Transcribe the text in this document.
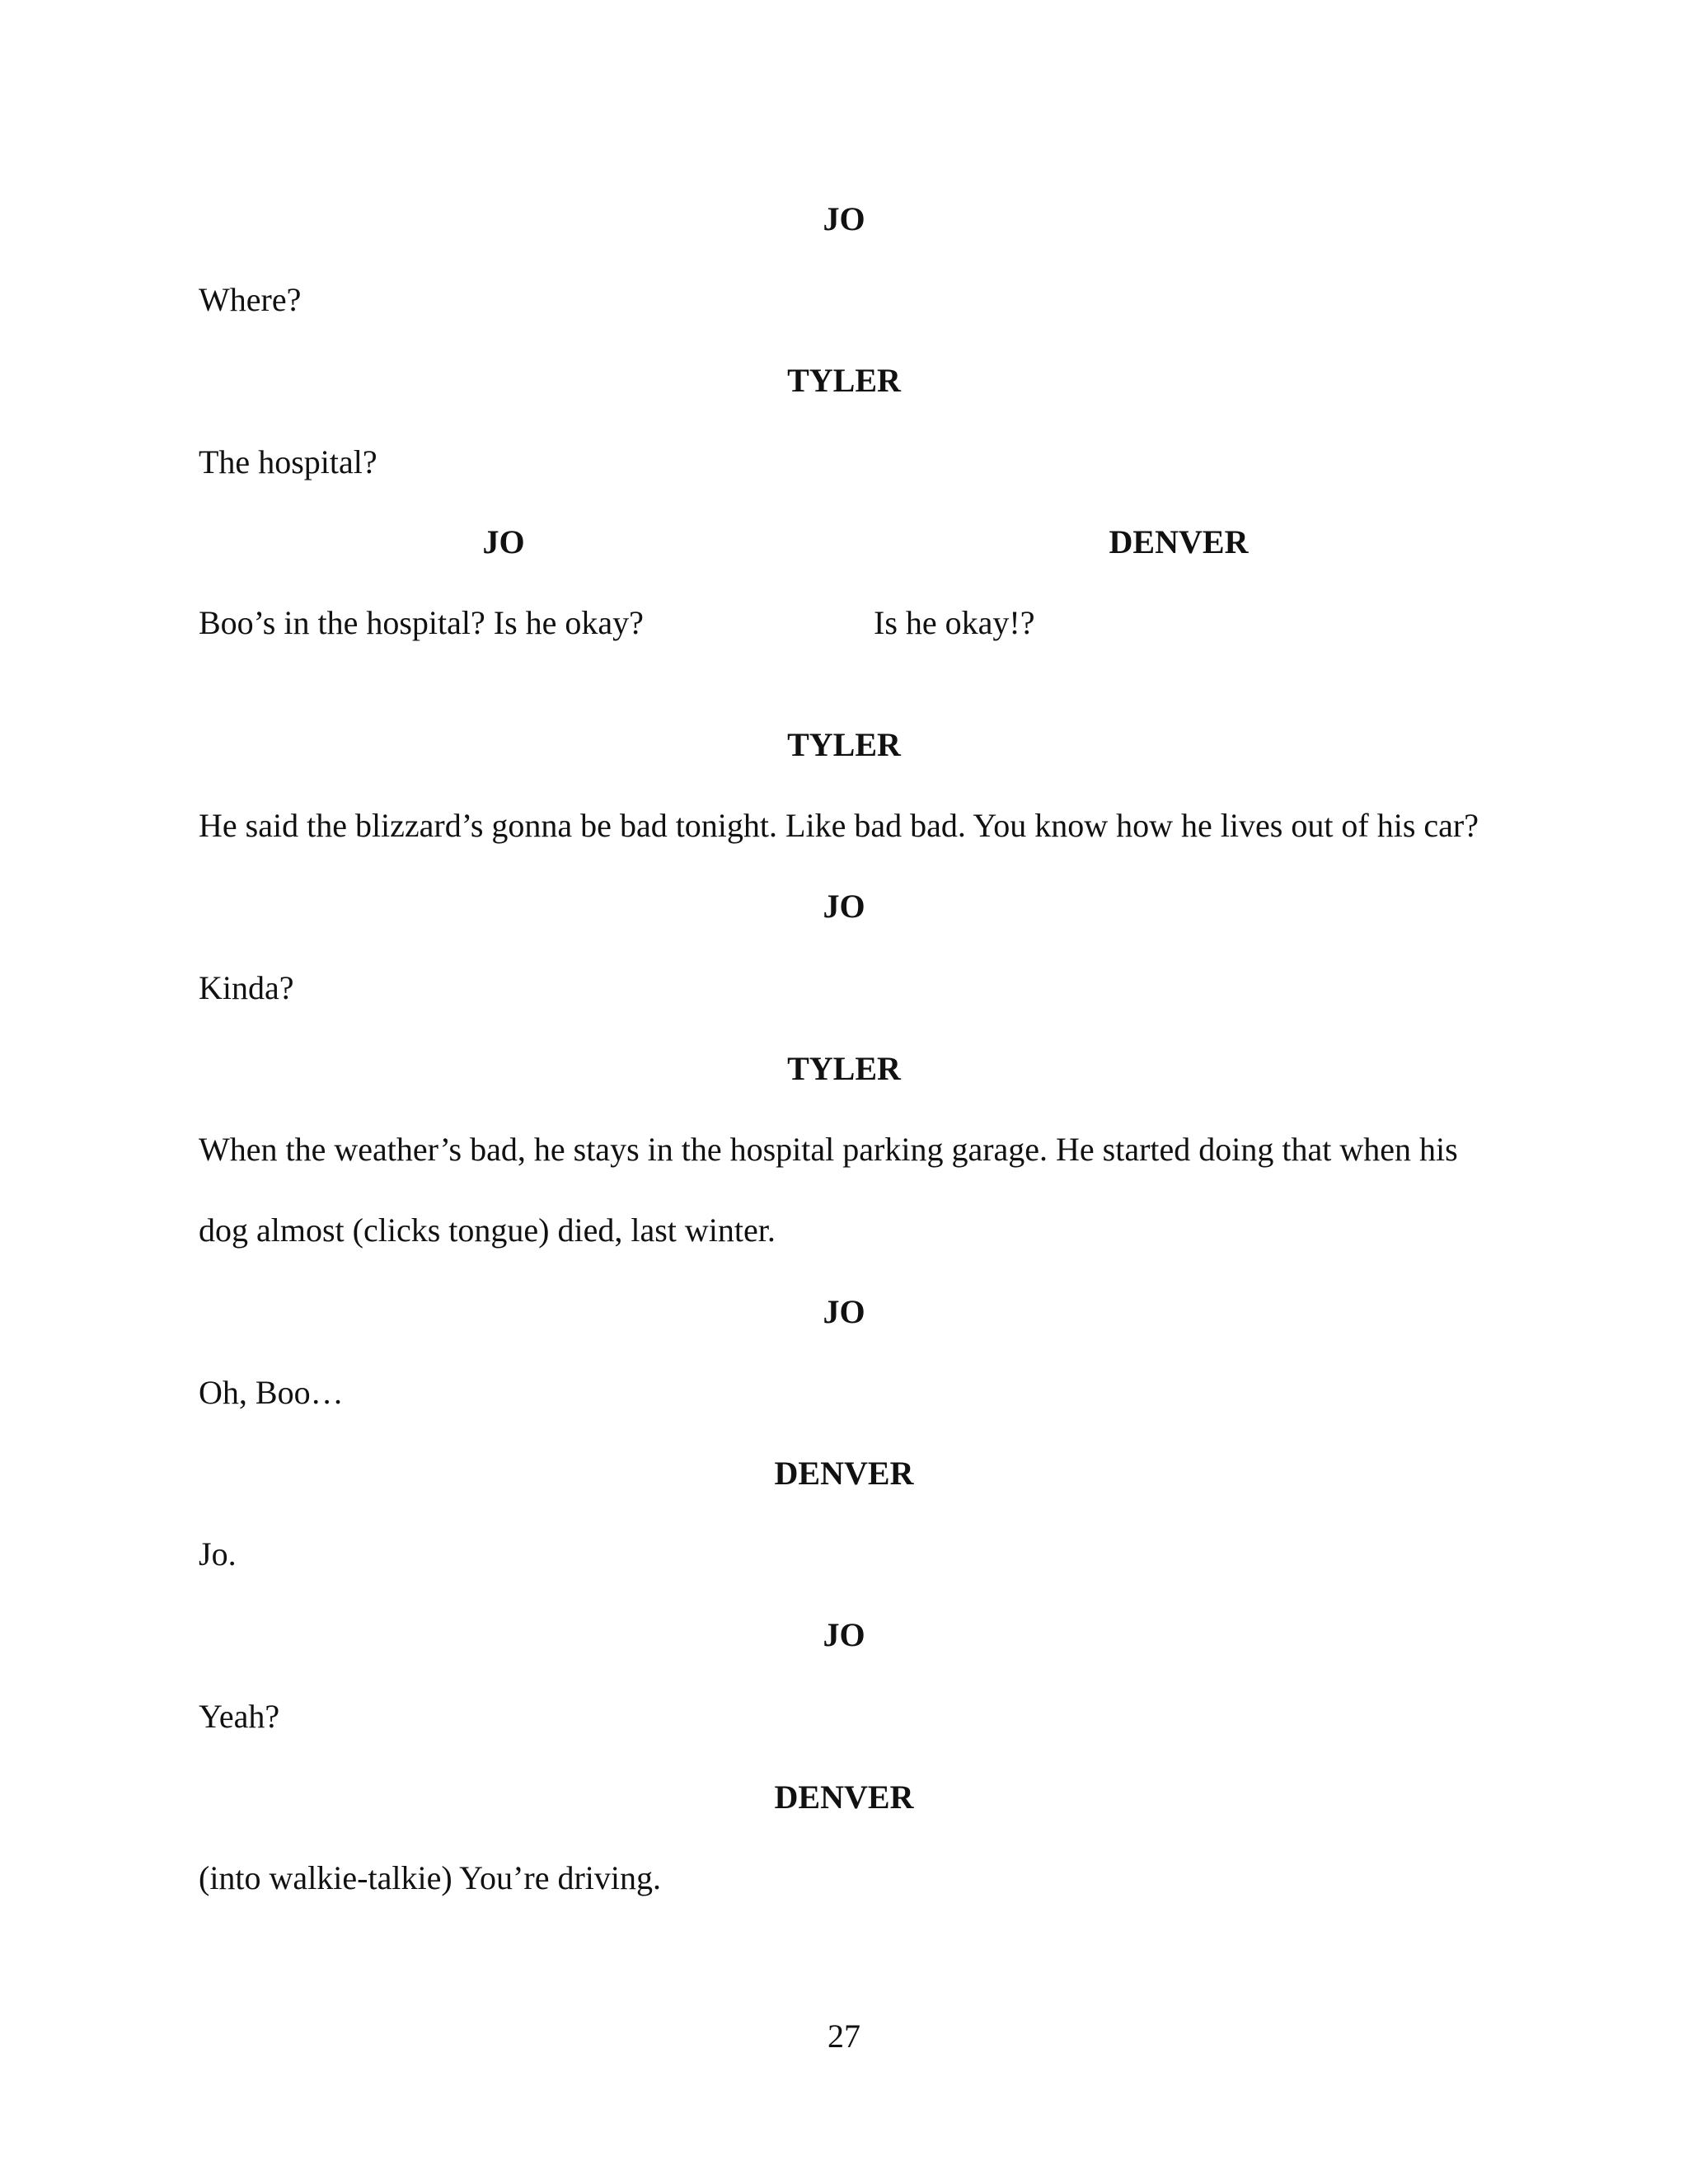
JO
Where?
TYLER
The hospital?
JO	DENVER
Boo’s in the hospital? Is he okay?	Is he okay!?
TYLER
He said the blizzard’s gonna be bad tonight. Like bad bad. You know how he lives out of his car?
JO
Kinda?
TYLER
When the weather’s bad, he stays in the hospital parking garage. He started doing that when his
dog almost (clicks tongue) died, last winter.
JO
Oh, Boo…
DENVER
Jo.
JO
Yeah?
DENVER
(into walkie-talkie) You’re driving.
27
